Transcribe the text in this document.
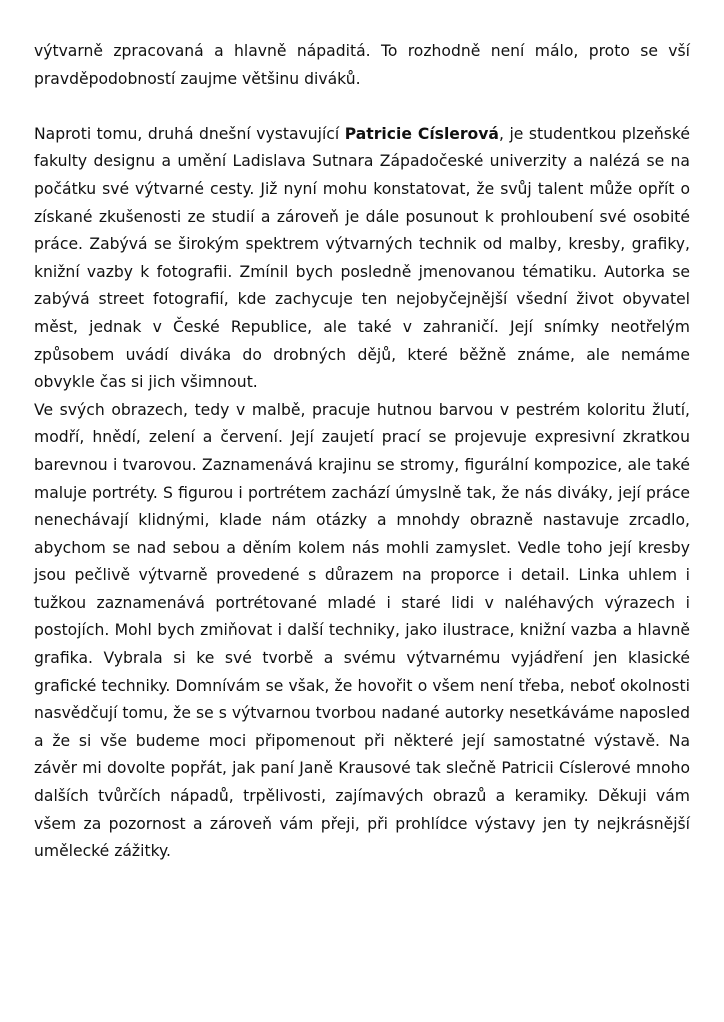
výtvarně zpracovaná a hlavně nápaditá. To rozhodně není málo, proto se vší pravděpodobností zaujme většinu diváků.

Naproti tomu, druhá dnešní vystavující Patricie Císlerová, je studentkou plzeňské fakulty designu a umění Ladislava Sutnara Západočeské univerzity a nalézá se na počátku své výtvarné cesty. Již nyní mohu konstatovat, že svůj talent může opřít o získané zkušenosti ze studií a zároveň je dále posunout k prohloubení své osobité práce. Zabývá se širokým spektrem výtvarných technik od malby, kresby, grafiky, knižní vazby k fotografii. Zmínil bych posledně jmenovanou tématiku. Autorka se zabývá street fotografií, kde zachycuje ten nejobyčejnější všední život obyvatel měst, jednak v České Republice, ale také v zahraničí. Její snímky neotřelým způsobem uvádí diváka do drobných dějů, které běžně známe, ale nemáme obvykle čas si jich všimnout.

Ve svých obrazech, tedy v malbě, pracuje hutnou barvou v pestrém koloritu žlutí, modří, hnědí, zelení a červení. Její zaujetí prací se projevuje expresivní zkratkou barevnou i tvarovou. Zaznamenává krajinu se stromy, figurální kompozice, ale také maluje portréty. S figurou i portrétem zachází úmyslně tak, že nás diváky, její práce nenechávají klidnými, klade nám otázky a mnohdy obrazně nastavuje zrcadlo, abychom se nad sebou a děním kolem nás mohli zamyslet. Vedle toho její kresby jsou pečlivě výtvarně provedené s důrazem na proporce i detail. Linka uhlem i tužkou zaznamenává portrétované mladé i staré lidi v naléhavých výrazech i postojích. Mohl bych zmiňovat i další techniky, jako ilustrace, knižní vazba a hlavně grafika. Vybrala si ke své tvorbě a svému výtvarnému vyjádření jen klasické grafické techniky. Domnívám se však, že hovořit o všem není třeba, neboť okolnosti nasvědčují tomu, že se s výtvarnou tvorbou nadané autorky nesetkáváme naposled a že si vše budeme moci připomenout při některé její samostatné výstavě. Na závěr mi dovolte popřát, jak paní Janě Krausové tak slečně Patricii Císlerové mnoho dalších tvůrčích nápadů, trpělivosti, zajímavých obrazů a keramiky. Děkuji vám všem za pozornost a zároveň vám přeji, při prohlídce výstavy jen ty nejkrásnější umělecké zážitky.
